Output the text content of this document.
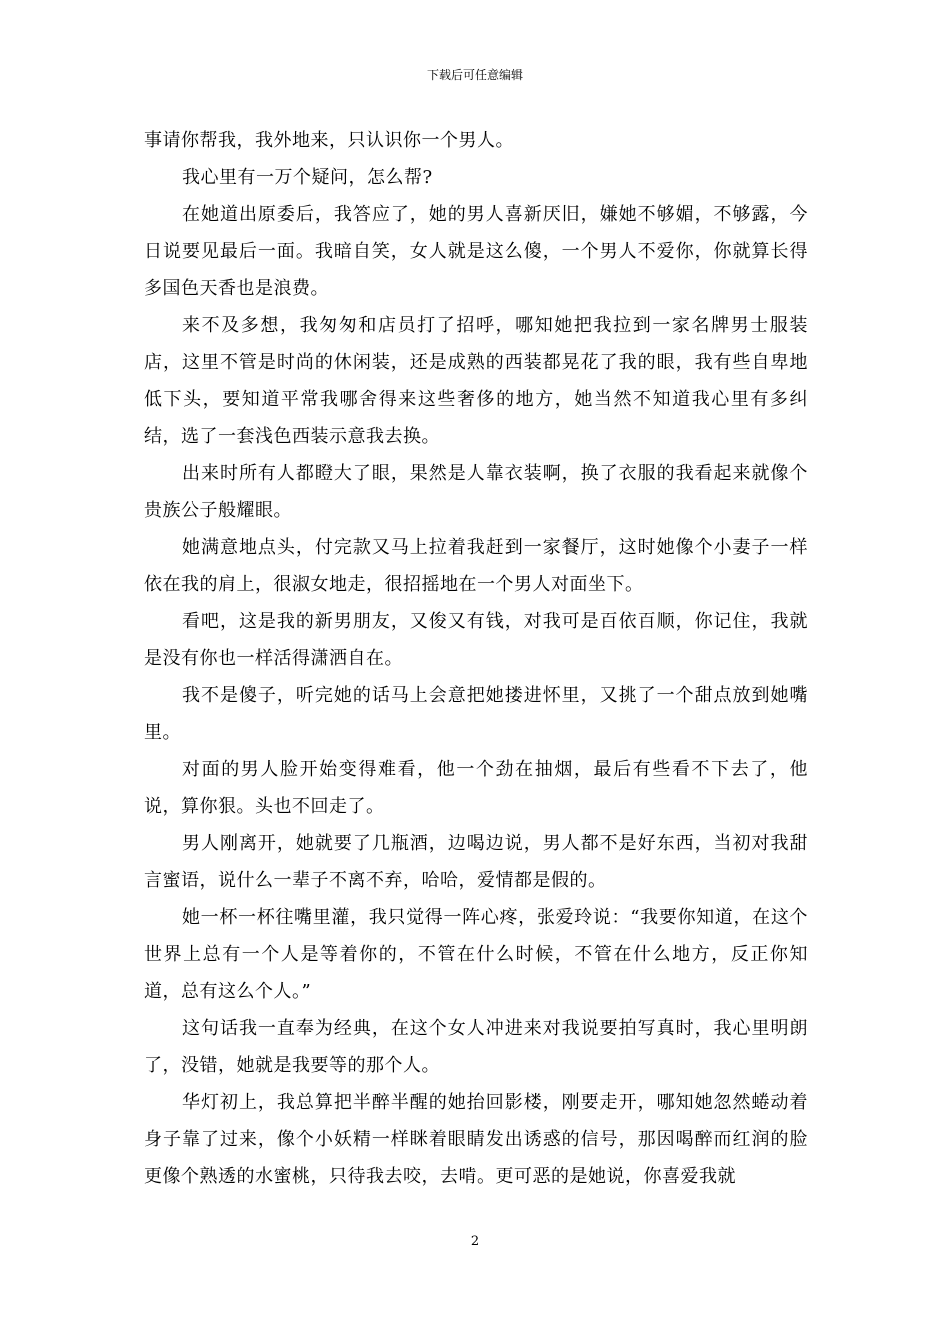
下载后可任意编辑

事请你帮我，我外地来，只认识你一个男人。

我心里有一万个疑问，怎么帮?

在她道出原委后，我答应了，她的男人喜新厌旧，嫌她不够媚，不够露，今日说要见最后一面。我暗自笑，女人就是这么傻，一个男人不爱你，你就算长得多国色天香也是浪费。

来不及多想，我匆匆和店员打了招呼，哪知她把我拉到一家名牌男士服装店，这里不管是时尚的休闲装，还是成熟的西装都晃花了我的眼，我有些自卑地低下头，要知道平常我哪舍得来这些奢侈的地方，她当然不知道我心里有多纠结，选了一套浅色西装示意我去换。

出来时所有人都瞪大了眼，果然是人靠衣装啊，换了衣服的我看起来就像个贵族公子般耀眼。

她满意地点头，付完款又马上拉着我赶到一家餐厅，这时她像个小妻子一样依在我的肩上，很淑女地走，很招摇地在一个男人对面坐下。

看吧，这是我的新男朋友，又俊又有钱，对我可是百依百顺，你记住，我就是没有你也一样活得潇洒自在。

我不是傻子，听完她的话马上会意把她搂进怀里，又挑了一个甜点放到她嘴里。

对面的男人脸开始变得难看，他一个劲在抽烟，最后有些看不下去了，他说，算你狠。头也不回走了。

男人刚离开，她就要了几瓶酒，边喝边说，男人都不是好东西，当初对我甜言蜜语，说什么一辈子不离不弃，哈哈，爱情都是假的。

她一杯一杯往嘴里灌，我只觉得一阵心疼，张爱玲说：“我要你知道，在这个世界上总有一个人是等着你的，不管在什么时候，不管在什么地方，反正你知道，总有这么个人。”

这句话我一直奉为经典，在这个女人冲进来对我说要拍写真时，我心里明朗了，没错，她就是我要等的那个人。

华灯初上，我总算把半醉半醒的她抬回影楼，刚要走开，哪知她忽然蜷动着身子靠了过来，像个小妖精一样眯着眼睛发出诱惑的信号，那因喝醉而红润的脸更像个熟透的水蜜桃，只待我去咬，去啃。更可恶的是她说，你喜爱我就

2
